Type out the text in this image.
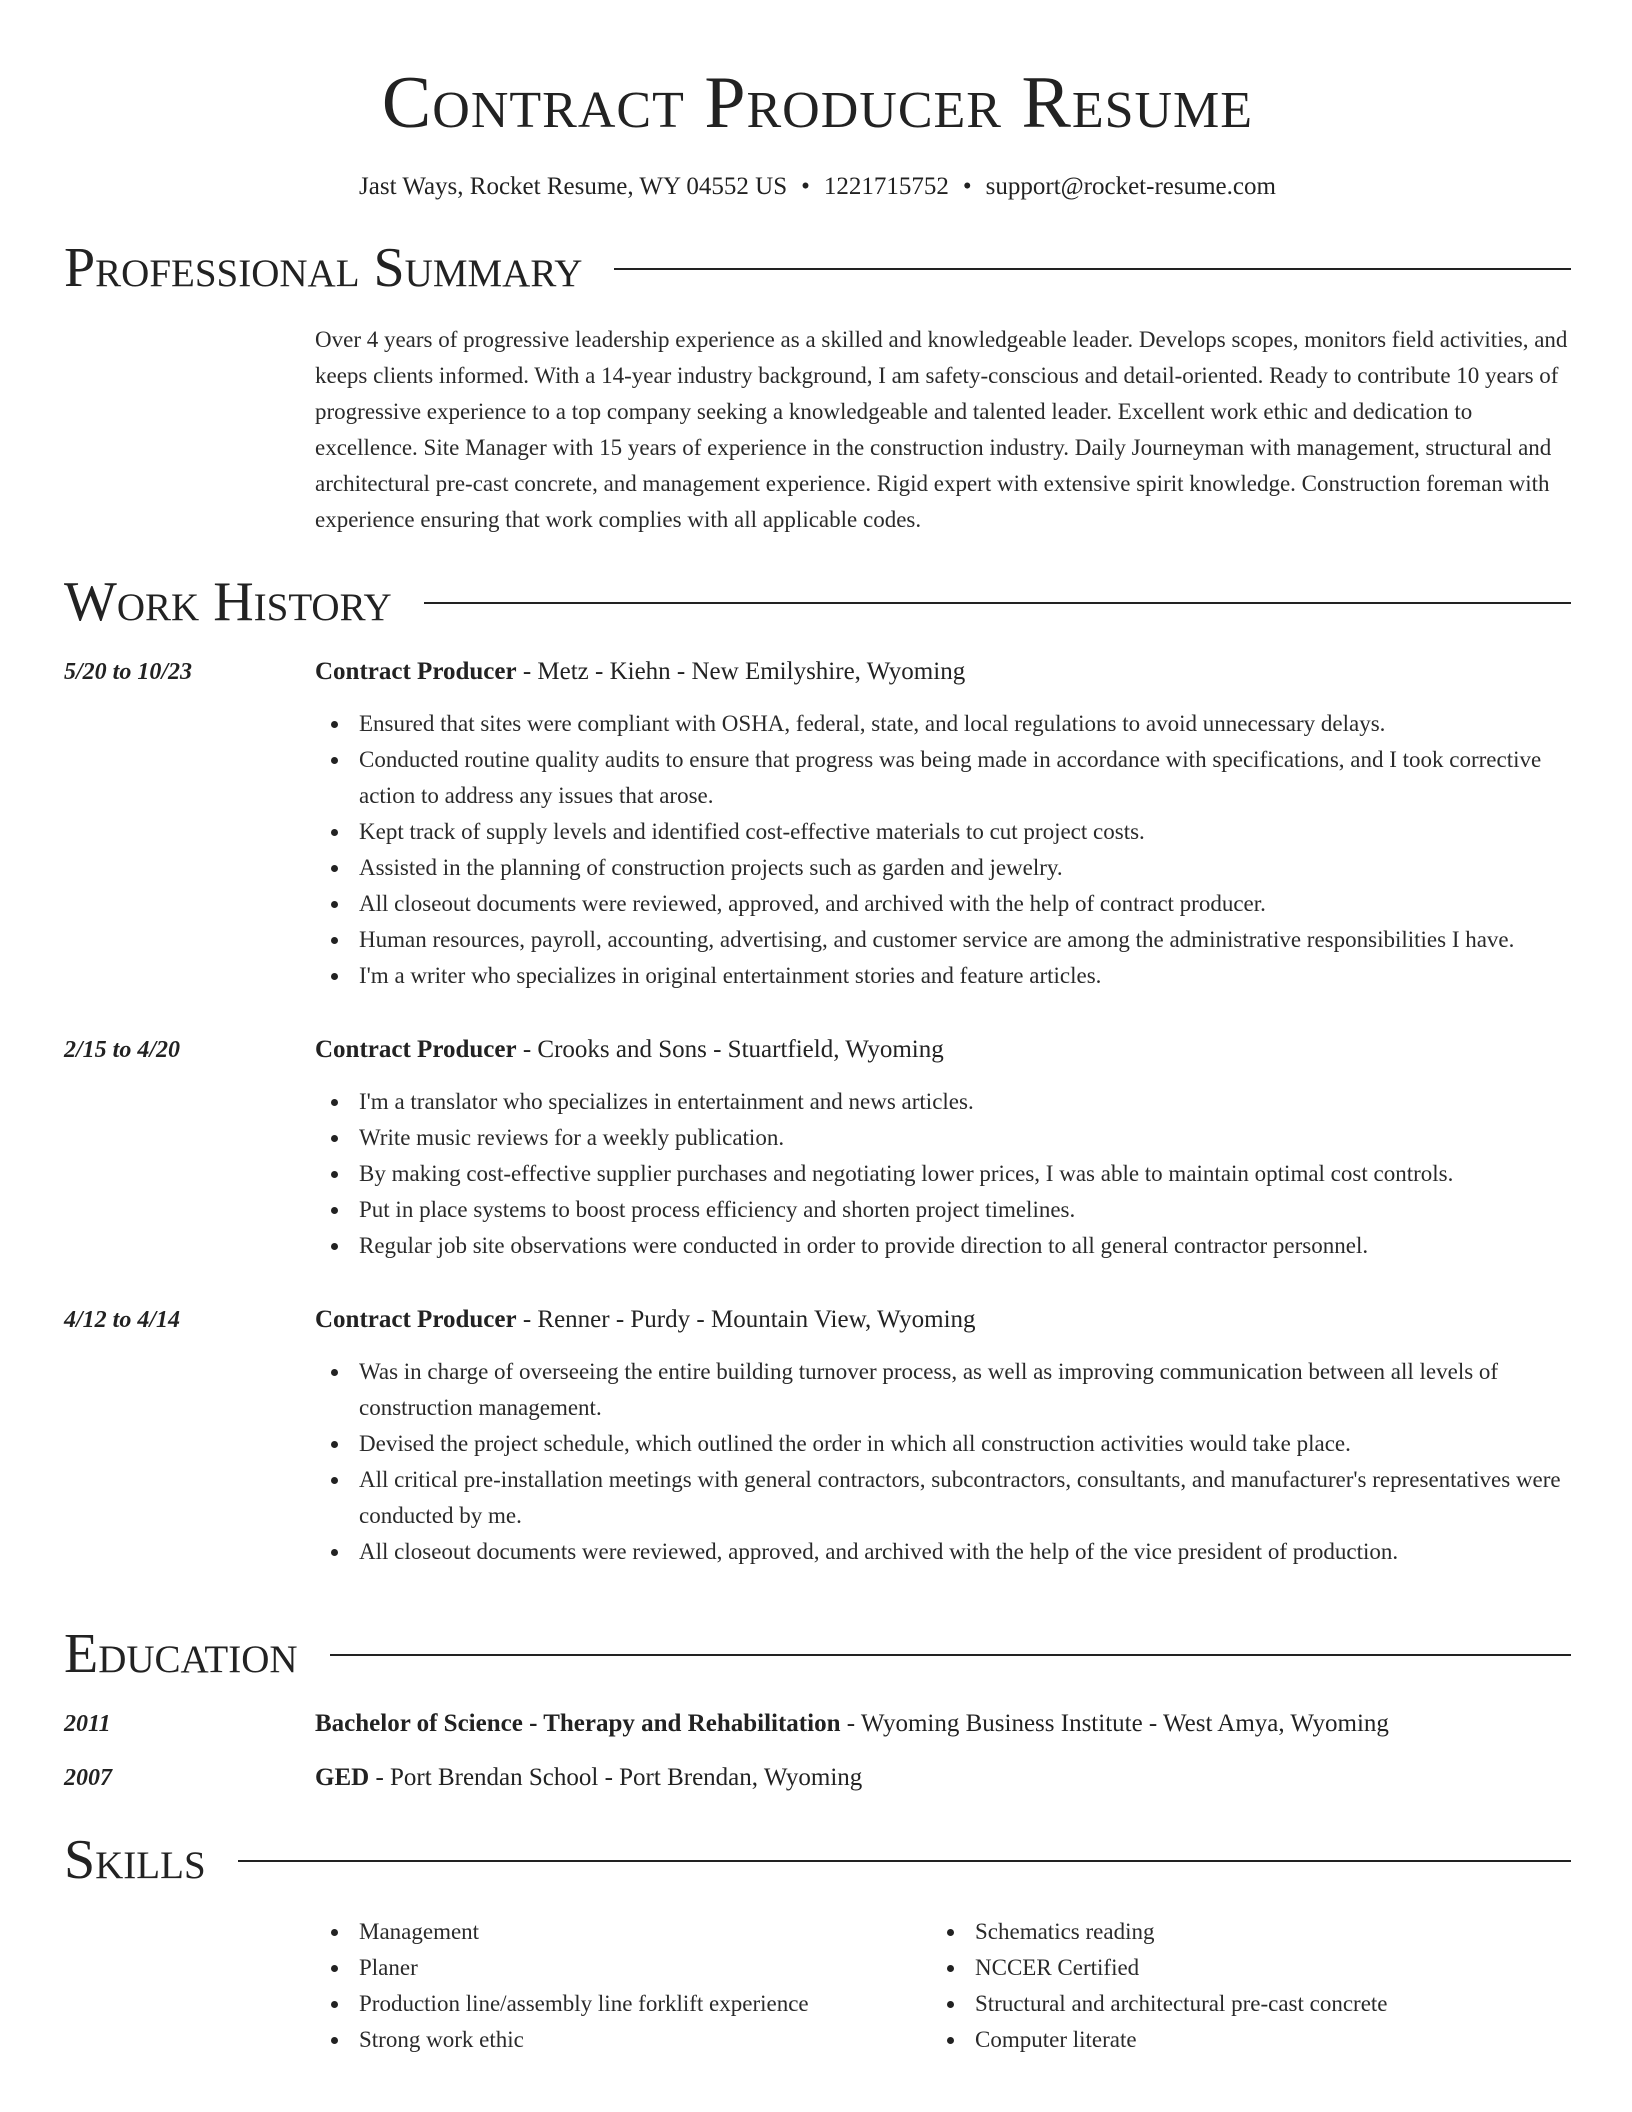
Contract Producer Resume
Jast Ways, Rocket Resume, WY 04552 US • 1221715752 • support@rocket-resume.com
Professional Summary

Over 4 years of progressive leadership experience as a skilled and knowledgeable leader. Develops scopes, monitors field activities, and keeps clients informed. With a 14-year industry background, I am safety-conscious and detail-oriented. Ready to contribute 10 years of progressive experience to a top company seeking a knowledgeable and talented leader. Excellent work ethic and dedication to excellence. Site Manager with 15 years of experience in the construction industry. Daily Journeyman with management, structural and architectural pre-cast concrete, and management experience. Rigid expert with extensive spirit knowledge. Construction foreman with experience ensuring that work complies with all applicable codes.

Work History
5/20 to 10/23	Contract Producer - Metz - Kiehn - New Emilyshire, Wyoming
Ensured that sites were compliant with OSHA, federal, state, and local regulations to avoid unnecessary delays.
Conducted routine quality audits to ensure that progress was being made in accordance with specifications, and I took corrective action to address any issues that arose.
Kept track of supply levels and identified cost-effective materials to cut project costs.
Assisted in the planning of construction projects such as garden and jewelry.
All closeout documents were reviewed, approved, and archived with the help of contract producer.
Human resources, payroll, accounting, advertising, and customer service are among the administrative responsibilities I have.
I'm a writer who specializes in original entertainment stories and feature articles.
2/15 to 4/20	Contract Producer - Crooks and Sons - Stuartfield, Wyoming
I'm a translator who specializes in entertainment and news articles.
Write music reviews for a weekly publication.
By making cost-effective supplier purchases and negotiating lower prices, I was able to maintain optimal cost controls.
Put in place systems to boost process efficiency and shorten project timelines.
Regular job site observations were conducted in order to provide direction to all general contractor personnel.
4/12 to 4/14	Contract Producer - Renner - Purdy - Mountain View, Wyoming
Was in charge of overseeing the entire building turnover process, as well as improving communication between all levels of construction management.
Devised the project schedule, which outlined the order in which all construction activities would take place.
All critical pre-installation meetings with general contractors, subcontractors, consultants, and manufacturer's representatives were conducted by me.
All closeout documents were reviewed, approved, and archived with the help of the vice president of production.
Education
2011	Bachelor of Science - Therapy and Rehabilitation - Wyoming Business Institute - West Amya, Wyoming
2007	GED - Port Brendan School - Port Brendan, Wyoming
Skills
Management
Planer
Production line/assembly line forklift experience
Strong work ethic
Schematics reading
NCCER Certified
Structural and architectural pre-cast concrete
Computer literate
